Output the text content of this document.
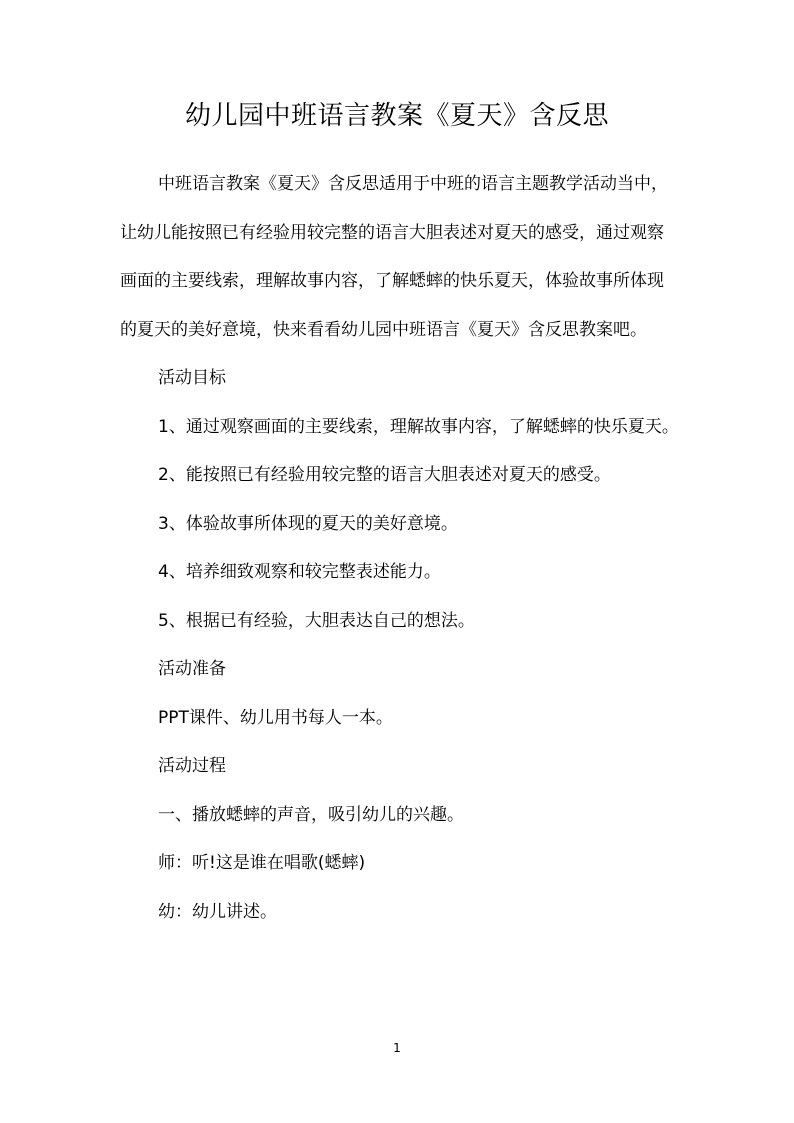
幼儿园中班语言教案《夏天》含反思

中班语言教案《夏天》含反思适用于中班的语言主题教学活动当中，让幼儿能按照已有经验用较完整的语言大胆表述对夏天的感受，通过观察画面的主要线索，理解故事内容，了解蟋蟀的快乐夏天，体验故事所体现的夏天的美好意境，快来看看幼儿园中班语言《夏天》含反思教案吧。

活动目标

1、通过观察画面的主要线索，理解故事内容，了解蟋蟀的快乐夏天。

2、能按照已有经验用较完整的语言大胆表述对夏天的感受。

3、体验故事所体现的夏天的美好意境。

4、培养细致观察和较完整表述能力。

5、根据已有经验，大胆表达自己的想法。

活动准备

PPT课件、幼儿用书每人一本。

活动过程

一、播放蟋蟀的声音，吸引幼儿的兴趣。

师：听!这是谁在唱歌(蟋蟀)

幼：幼儿讲述。

1
